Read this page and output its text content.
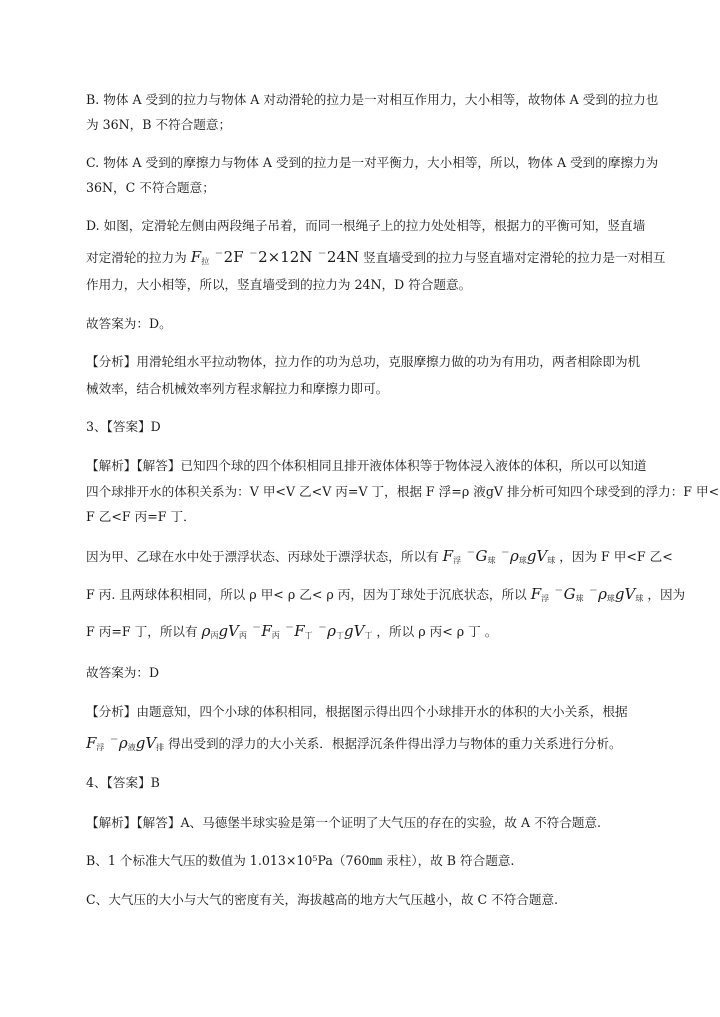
B. 物体 A 受到的拉力与物体 A 对动滑轮的拉力是一对相互作用力，大小相等，故物体 A 受到的拉力也
为 36N，B 不符合题意；
C. 物体 A 受到的摩擦力与物体 A 受到的拉力是一对平衡力，大小相等，所以，物体 A 受到的摩擦力为
36N，C 不符合题意；
D. 如图，定滑轮左侧由两段绳子吊着，而同一根绳子上的拉力处处相等，根据力的平衡可知，竖直墙
对定滑轮的拉力为 $F_拉$ ⁼⁼ 2F ⁼⁼ 2×12N ⁼⁼ 24N 竖直墙受到的拉力与竖直墙对定滑轮的拉力是一对相互
作用力，大小相等，所以，竖直墙受到的拉力为 24N，D 符合题意。
故答案为：D。
【分析】用滑轮组水平拉动物体，拉力作的功为总功，克服摩擦力做的功为有用功，两者相除即为机
械效率，结合机械效率列方程求解拉力和摩擦力即可。
3、【答案】D
【解析】【解答】已知四个球的四个体积相同且排开液体体积等于物体浸入液体的体积，所以可以知道
四个球排开水的体积关系为：V 甲<V 乙<V 丙=V 丁，根据 F 浮=ρ 液gV 排分析可知四个球受到的浮力：F 甲<
F 乙<F 丙=F 丁．
因为甲、乙球在水中处于漂浮状态、丙球处于漂浮状态，所以有 $F_浮$ ⁼⁼ $G_球$ ⁼⁼ $\rho_球gV_球$ ，因为 F 甲<F 乙<
F 丙. 且两球体积相同，所以 ρ 甲< ρ 乙< ρ 丙，因为丁球处于沉底状态，所以 $F_浮$ ⁼⁼ $G_球$ ⁼⁼ $\rho_球gV_球$ ，因为
F 丙=F 丁，所以有 $\rho_丙gV_丙$ ⁼⁼ $F_丙$ ⁼⁼ $F_丁$ ⁼⁼ $\rho_丁gV_丁$ ，所以 ρ 丙< ρ 丁 。
故答案为：D
【分析】由题意知，四个小球的体积相同，根据图示得出四个小球排开水的体积的大小关系，根据
$F_浮$ ⁼⁼ $\rho_液gV_排$ 得出受到的浮力的大小关系．根据浮沉条件得出浮力与物体的重力关系进行分析。
4、【答案】B
【解析】【解答】A、马德堡半球实验是第一个证明了大气压的存在的实验，故 A 不符合题意.
B、1 个标准大气压的数值为 1.013×10⁵Pa（760㎜ 汞柱），故 B 符合题意.
C、大气压的大小与大气的密度有关，海拔越高的地方大气压越小，故 C 不符合题意.
